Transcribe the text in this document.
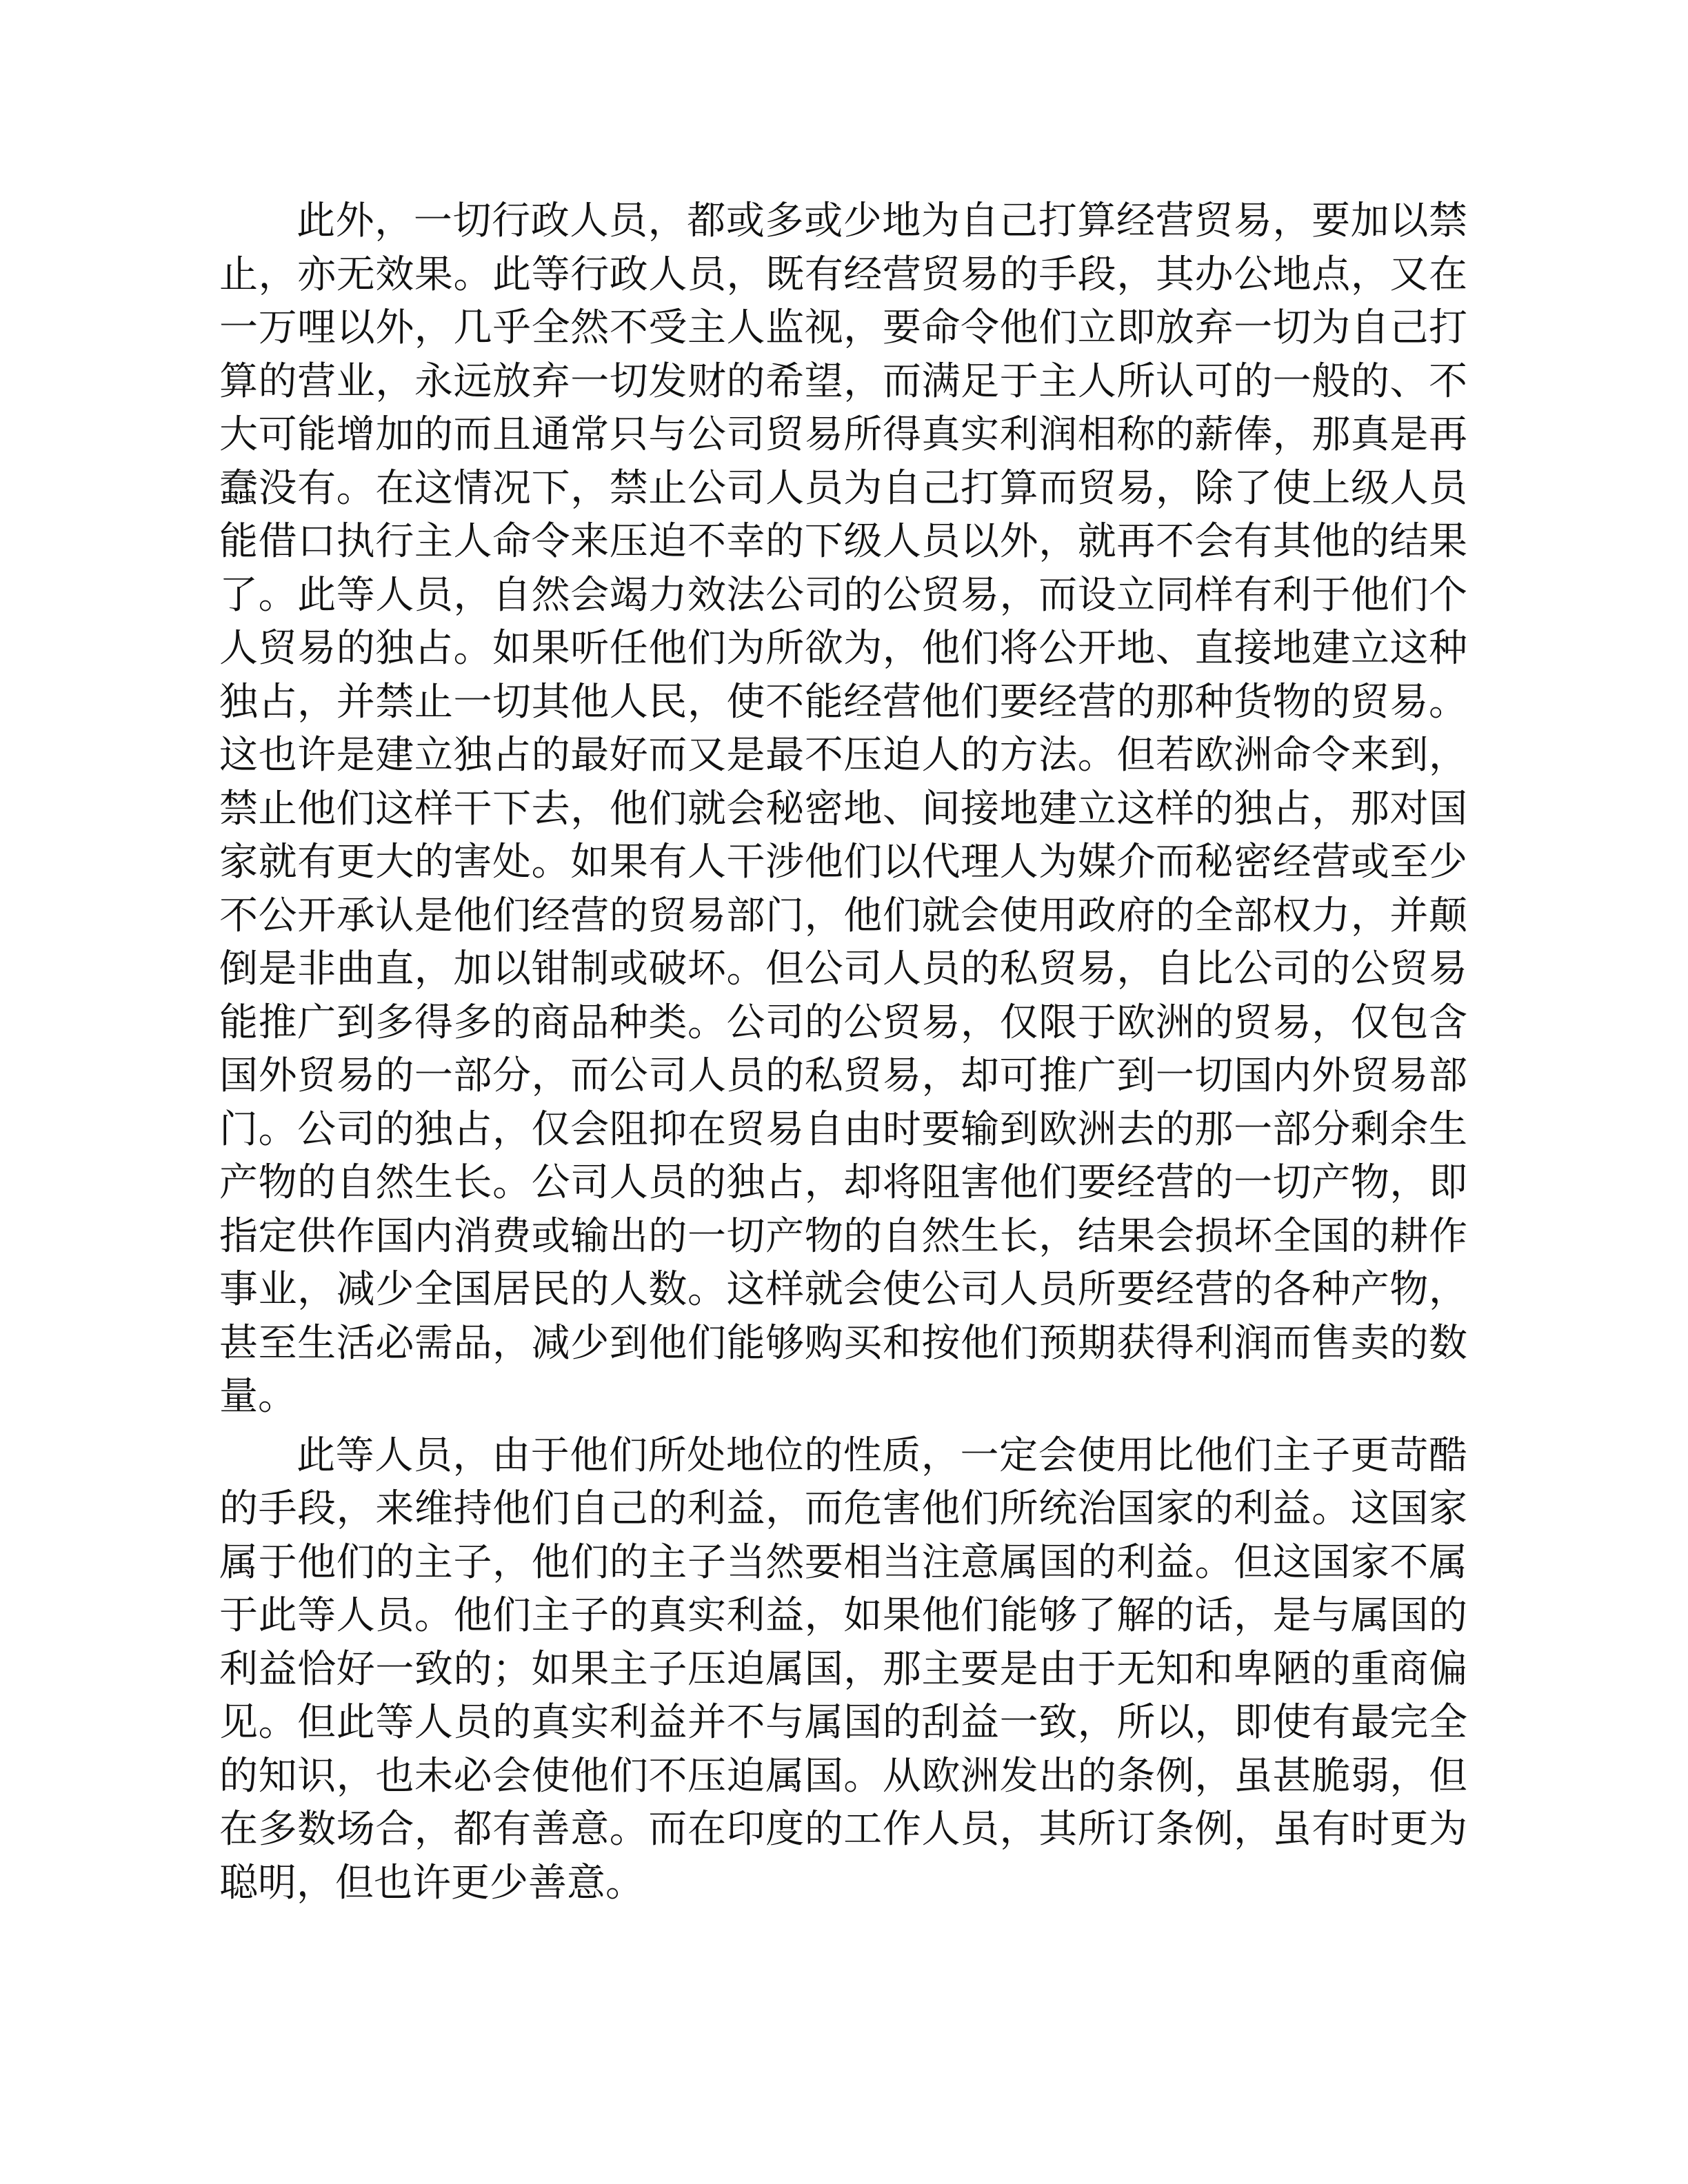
此外，一切行政人员，都或多或少地为自己打算经营贸易，要加以禁止，亦无效果。此等行政人员，既有经营贸易的手段，其办公地点，又在一万哩以外，几乎全然不受主人监视，要命令他们立即放弃一切为自己打算的营业，永远放弃一切发财的希望，而满足于主人所认可的一般的、不大可能增加的而且通常只与公司贸易所得真实利润相称的薪俸，那真是再蠢没有。在这情况下，禁止公司人员为自己打算而贸易，除了使上级人员能借口执行主人命令来压迫不幸的下级人员以外，就再不会有其他的结果了。此等人员，自然会竭力效法公司的公贸易，而设立同样有利于他们个人贸易的独占。如果听任他们为所欲为，他们将公开地、直接地建立这种独占，并禁止一切其他人民，使不能经营他们要经营的那种货物的贸易。这也许是建立独占的最好而又是最不压迫人的方法。但若欧洲命令来到，禁止他们这样干下去，他们就会秘密地、间接地建立这样的独占，那对国家就有更大的害处。如果有人干涉他们以代理人为媒介而秘密经营或至少不公开承认是他们经营的贸易部门，他们就会使用政府的全部权力，并颠倒是非曲直，加以钳制或破坏。但公司人员的私贸易，自比公司的公贸易能推广到多得多的商品种类。公司的公贸易，仅限于欧洲的贸易，仅包含国外贸易的一部分，而公司人员的私贸易，却可推广到一切国内外贸易部门。公司的独占，仅会阻抑在贸易自由时要输到欧洲去的那一部分剩余生产物的自然生长。公司人员的独占，却将阻害他们要经营的一切产物，即指定供作国内消费或输出的一切产物的自然生长，结果会损坏全国的耕作事业，减少全国居民的人数。这样就会使公司人员所要经营的各种产物，甚至生活必需品，减少到他们能够购买和按他们预期获得利润而售卖的数量。

此等人员，由于他们所处地位的性质，一定会使用比他们主子更苛酷的手段，来维持他们自己的利益，而危害他们所统治国家的利益。这国家属于他们的主子，他们的主子当然要相当注意属国的利益。但这国家不属于此等人员。他们主子的真实利益，如果他们能够了解的话，是与属国的利益恰好一致的；如果主子压迫属国，那主要是由于无知和卑陋的重商偏见。但此等人员的真实利益并不与属国的刮益一致，所以，即使有最完全的知识，也未必会使他们不压迫属国。从欧洲发出的条例，虽甚脆弱，但在多数场合，都有善意。而在印度的工作人员，其所订条例，虽有时更为聪明，但也许更少善意。
